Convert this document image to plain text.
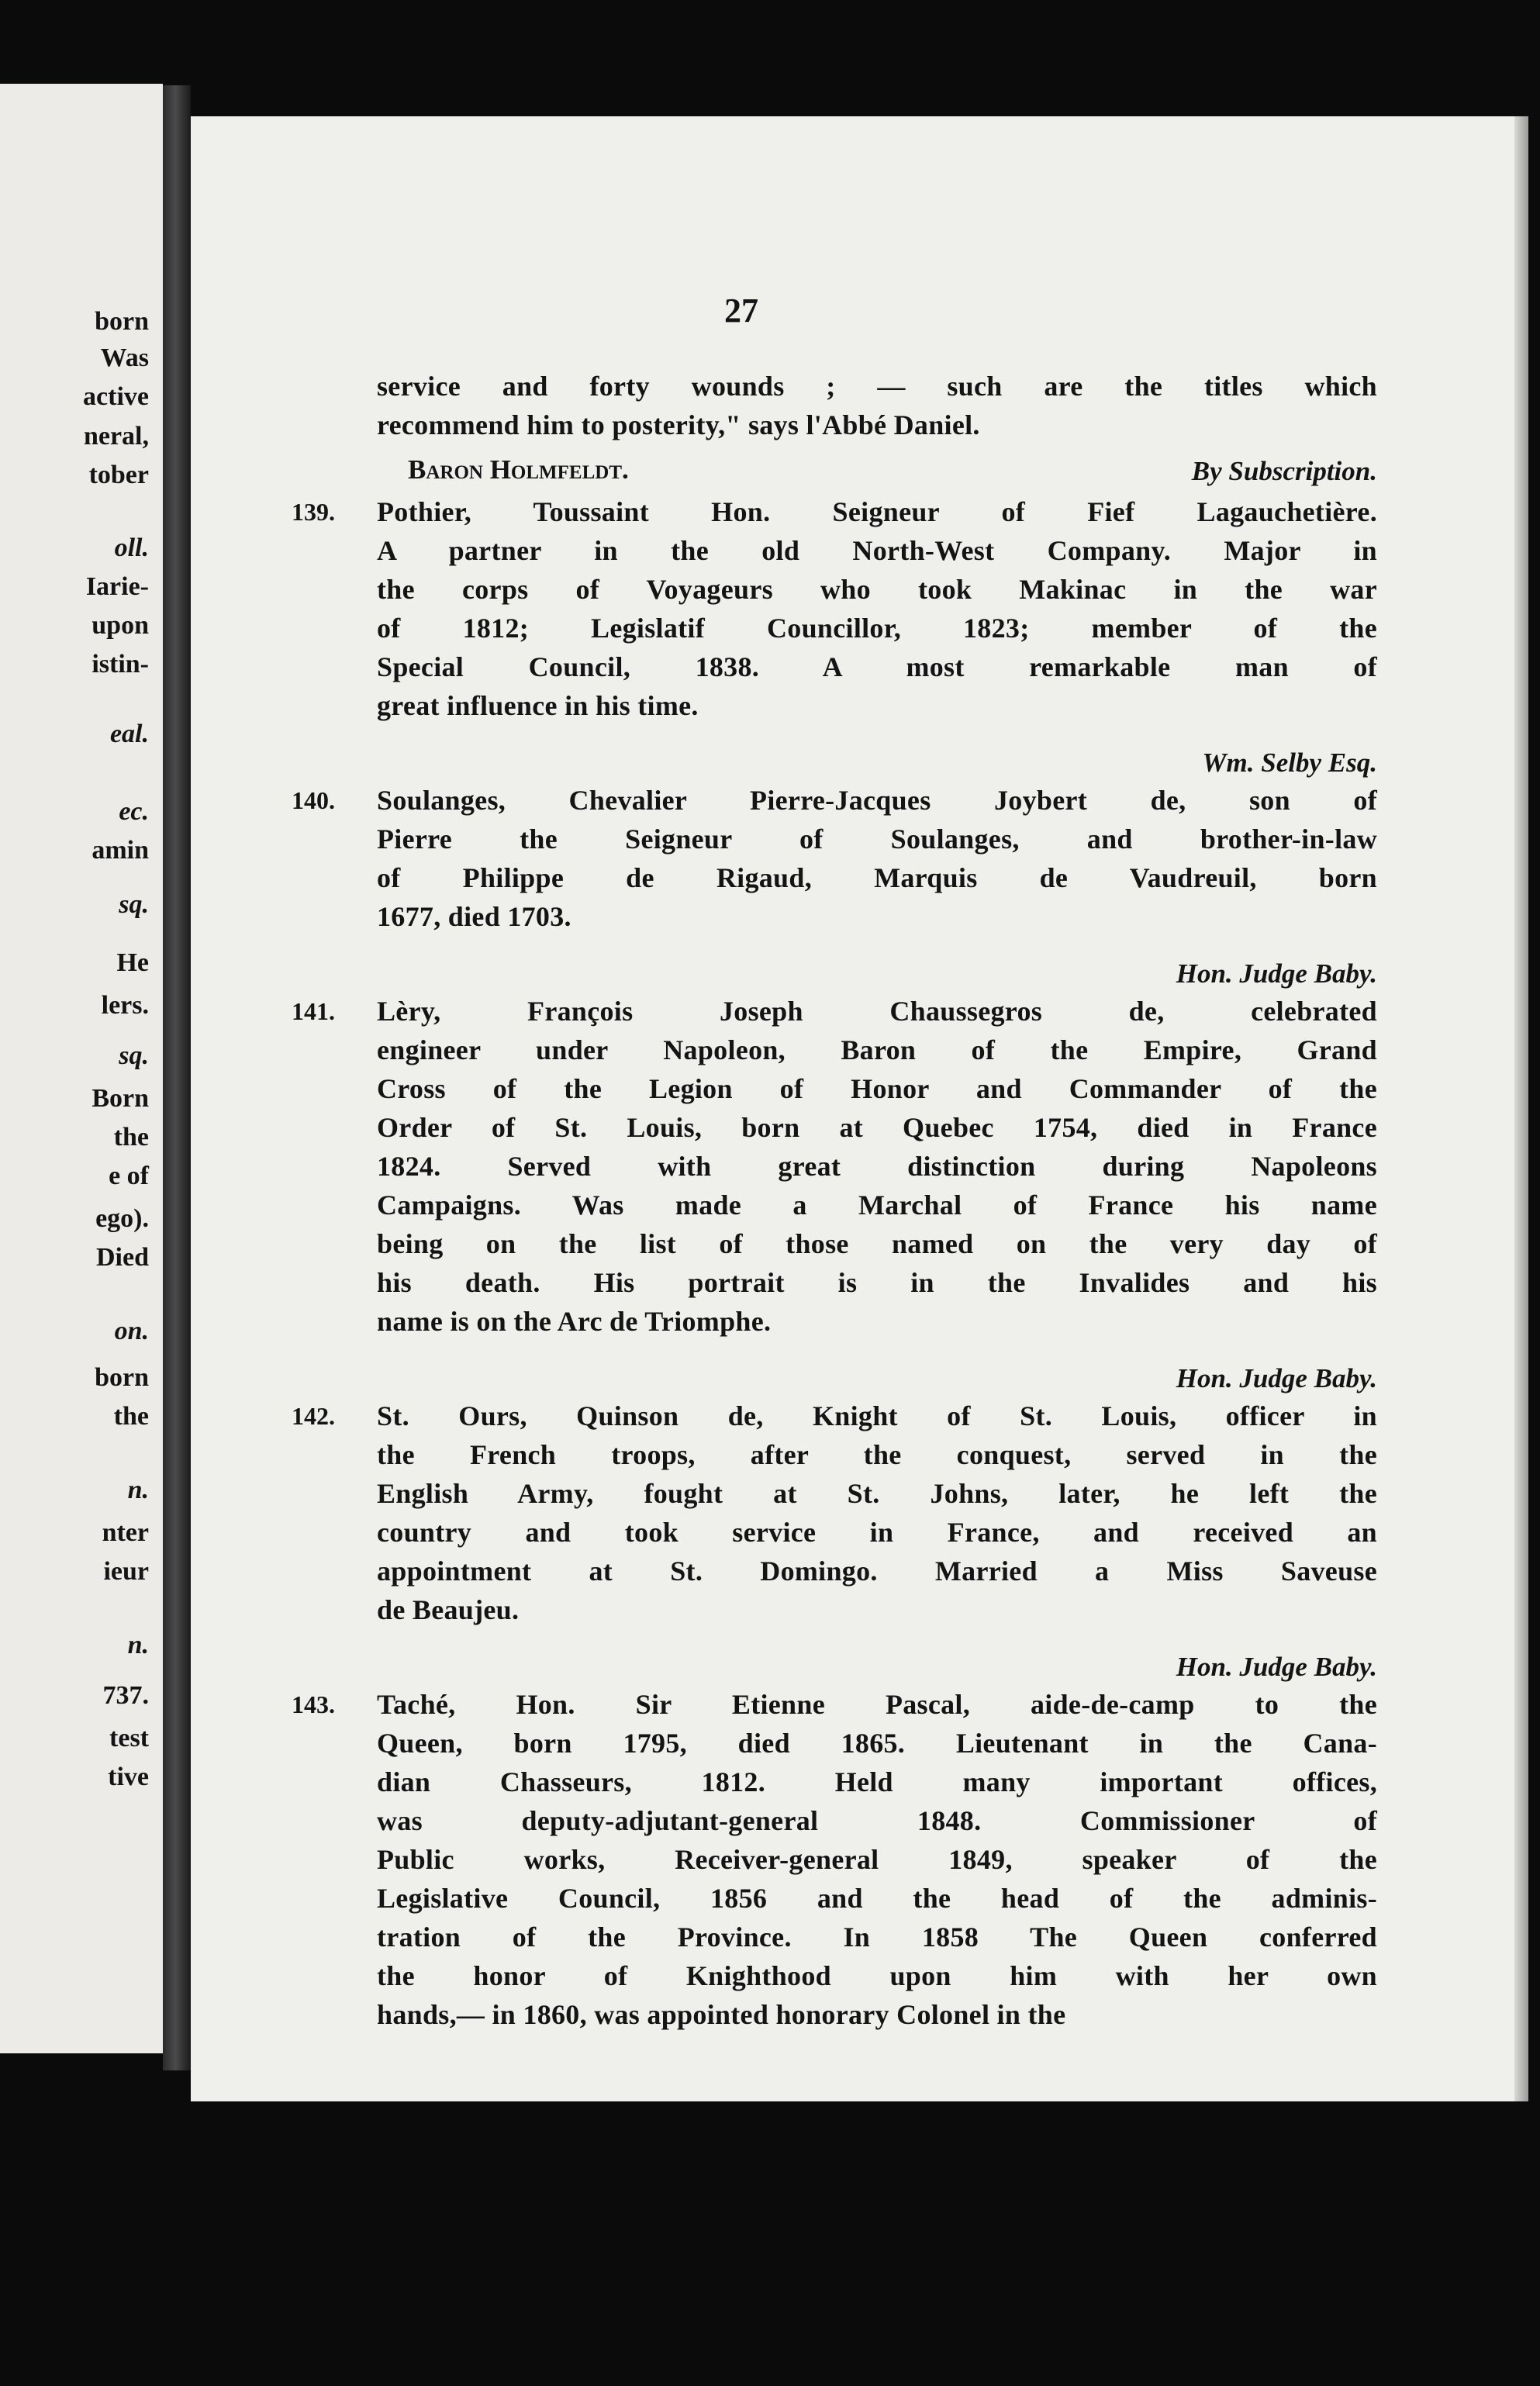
born

Was

active

neral,

tober

oll.

Iarie-

upon

istin-

eal.

ec.

amin

sq.

He

lers.

sq.

Born

the

e of

ego).

Died

on.

born

the

n.

nter

ieur

n.

737.

test

tive

27

service and forty wounds ; — such are the titles which

recommend him to posterity," says l'Abbé Daniel.

Baron Holmfeldt.	By Subscription.

139. Pothier, Toussaint Hon. Seigneur of Fief Lagauchetière.

A partner in the old North-West Company. Major in

the corps of Voyageurs who took Makinac in the war

of 1812; Legislatif Councillor, 1823; member of the

Special Council, 1838. A most remarkable man of

great influence in his time.

Wm. Selby Esq.

140. Soulanges, Chevalier Pierre-Jacques Joybert de, son of

Pierre the Seigneur of Soulanges, and brother-in-law

of Philippe de Rigaud, Marquis de Vaudreuil, born

1677, died 1703.

Hon. Judge Baby.

141. Lèry, François Joseph Chaussegros de, celebrated

engineer under Napoleon, Baron of the Empire, Grand

Cross of the Legion of Honor and Commander of the

Order of St. Louis, born at Quebec 1754, died in France

1824. Served with great distinction during Napoleons

Campaigns. Was made a Marchal of France his name

being on the list of those named on the very day of

his death. His portrait is in the Invalides and his

name is on the Arc de Triomphe.

Hon. Judge Baby.

142. St. Ours, Quinson de, Knight of St. Louis, officer in

the French troops, after the conquest, served in the

English Army, fought at St. Johns, later, he left the

country and took service in France, and received an

appointment at St. Domingo. Married a Miss Saveuse

de Beaujeu.

Hon. Judge Baby.

143. Taché, Hon. Sir Etienne Pascal, aide-de-camp to the

Queen, born 1795, died 1865. Lieutenant in the Cana-

dian Chasseurs, 1812. Held many important offices,

was deputy-adjutant-general 1848. Commissioner of

Public works, Receiver-general 1849, speaker of the

Legislative Council, 1856 and the head of the adminis-

tration of the Province. In 1858 The Queen conferred

the honor of Knighthood upon him with her own

hands,— in 1860, was appointed honorary Colonel in the
